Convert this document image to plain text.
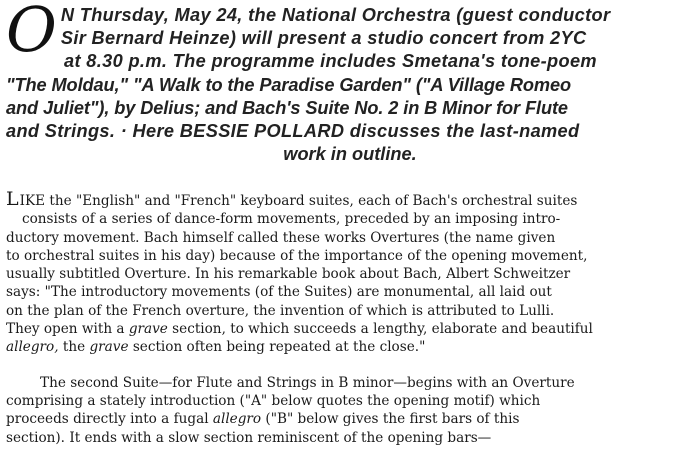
O N Thursday, May 24, the National Orchestra (guest conductor
Sir Bernard Heinze) will present a studio concert from 2YC
at 8.30 p.m. The programme includes Smetana's tone-poem
"The Moldau," "A Walk to the Paradise Garden" ("A Village Romeo
and Juliet"), by Delius; and Bach's Suite No. 2 in B Minor for Flute
and Strings. · Here BESSIE POLLARD discusses the last-named
work in outline.
LIKE the "English" and "French" keyboard suites, each of Bach's orchestral suites
consists of a series of dance-form movements, preceded by an imposing intro-
ductory movement. Bach himself called these works Overtures (the name given
to orchestral suites in his day) because of the importance of the opening movement,
usually subtitled Overture. In his remarkable book about Bach, Albert Schweitzer
says: "The introductory movements (of the Suites) are monumental, all laid out
on the plan of the French overture, the invention of which is attributed to Lulli.
They open with a grave section, to which succeeds a lengthy, elaborate and beautiful
allegro, the grave section often being repeated at the close."
The second Suite—for Flute and Strings in B minor—begins with an Overture
comprising a stately introduction ("A" below quotes the opening motif) which
proceeds directly into a fugal allegro ("B" below gives the first bars of this
section). It ends with a slow section reminiscent of the opening bars—
